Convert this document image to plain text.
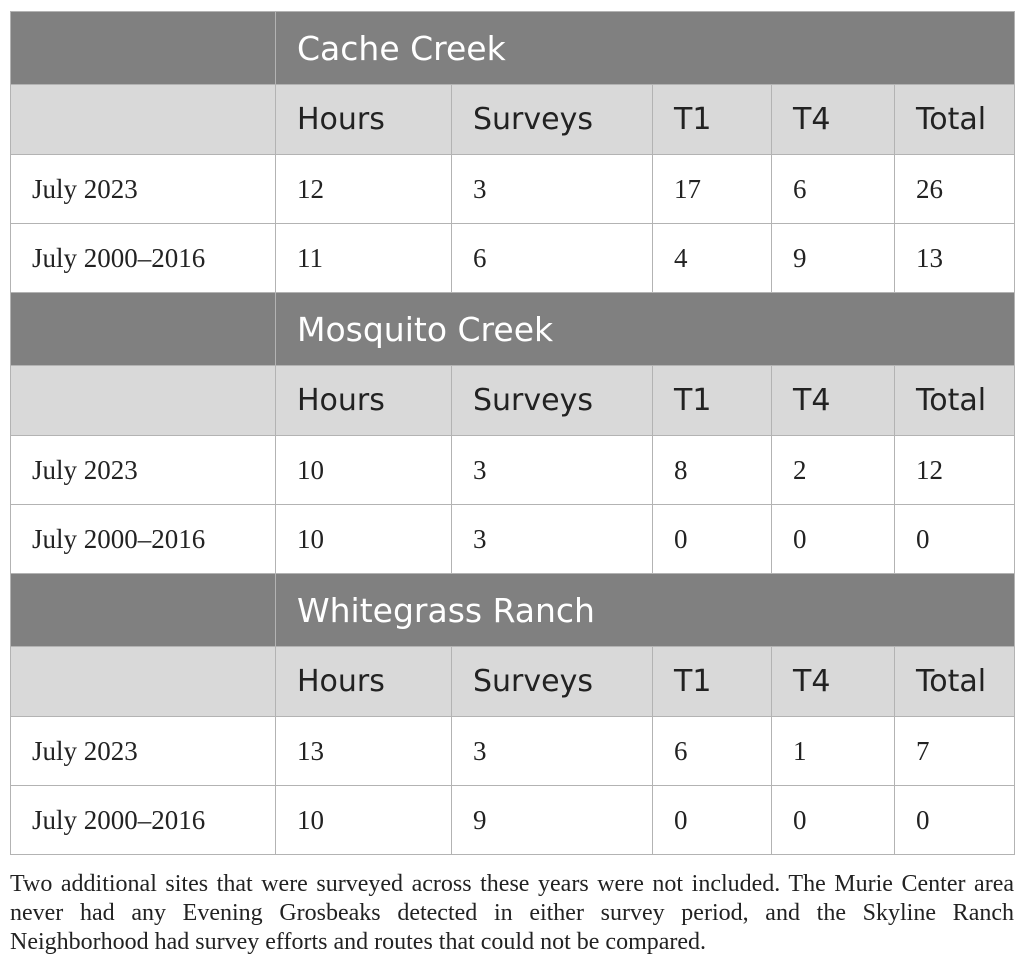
	Cache Creek				
	Hours	Surveys	T1	T4	Total
July 2023	12	3	17	6	26
July 2000–2016	11	6	4	9	13
	Mosquito Creek				
	Hours	Surveys	T1	T4	Total
July 2023	10	3	8	2	12
July 2000–2016	10	3	0	0	0
	Whitegrass Ranch				
	Hours	Surveys	T1	T4	Total
July 2023	13	3	6	1	7
July 2000–2016	10	9	0	0	0

Two additional sites that were surveyed across these years were not included. The Murie Center area never had any Evening Grosbeaks detected in either survey period, and the Skyline Ranch Neighborhood had survey efforts and routes that could not be compared.
